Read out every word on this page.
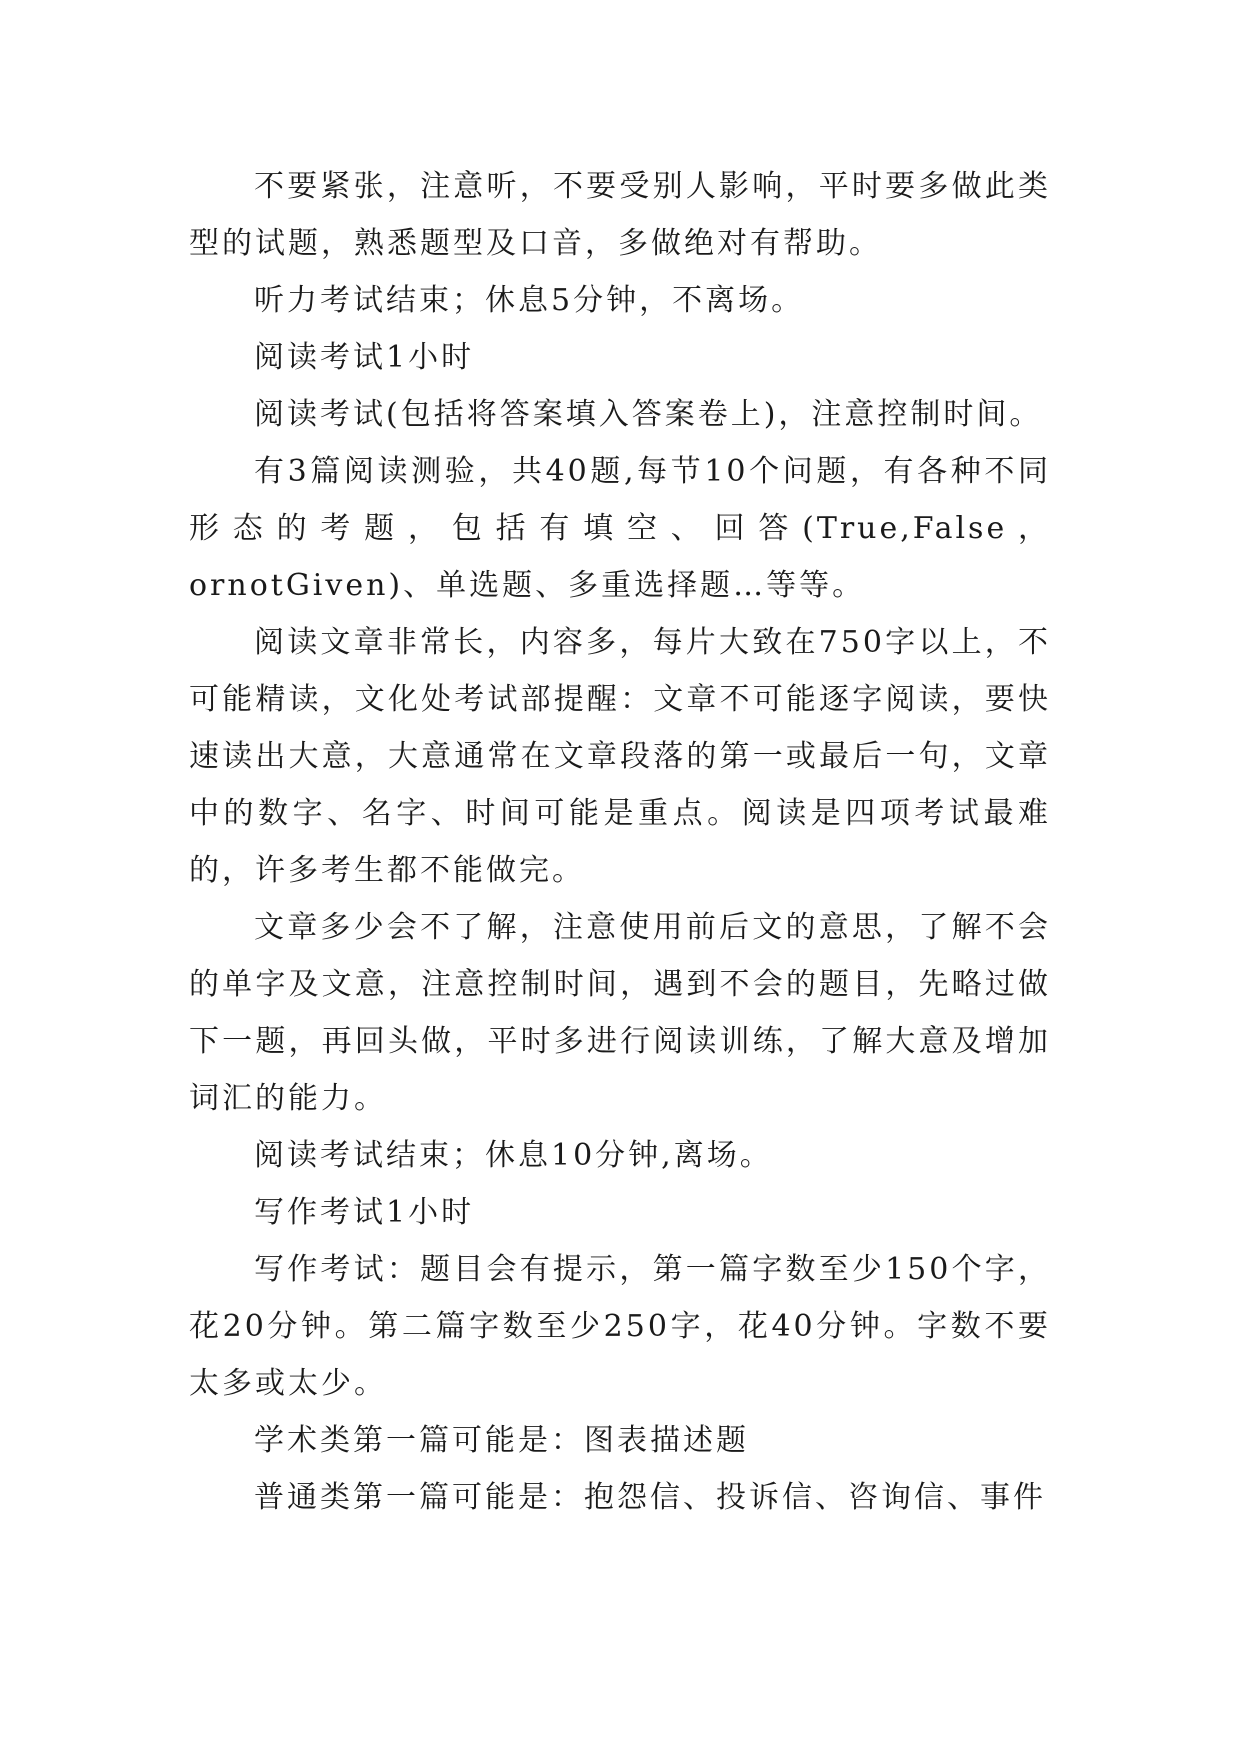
不要紧张，注意听，不要受别人影响，平时要多做此类型的试题，熟悉题型及口音，多做绝对有帮助。

听力考试结束；休息5分钟，不离场。

阅读考试1小时

阅读考试(包括将答案填入答案卷上)，注意控制时间。

有3篇阅读测验，共40题,每节10个问题，有各种不同形态的考题，包括有填空、回答(True,False，ornotGiven)、单选题、多重选择题…等等。

阅读文章非常长，内容多，每片大致在750字以上，不可能精读，文化处考试部提醒：文章不可能逐字阅读，要快速读出大意，大意通常在文章段落的第一或最后一句，文章中的数字、名字、时间可能是重点。阅读是四项考试最难的，许多考生都不能做完。

文章多少会不了解，注意使用前后文的意思，了解不会的单字及文意，注意控制时间，遇到不会的题目，先略过做下一题，再回头做，平时多进行阅读训练，了解大意及增加词汇的能力。

阅读考试结束；休息10分钟,离场。

写作考试1小时

写作考试：题目会有提示，第一篇字数至少150个字，花20分钟。第二篇字数至少250字，花40分钟。字数不要太多或太少。

学术类第一篇可能是：图表描述题

普通类第一篇可能是：抱怨信、投诉信、咨询信、事件
